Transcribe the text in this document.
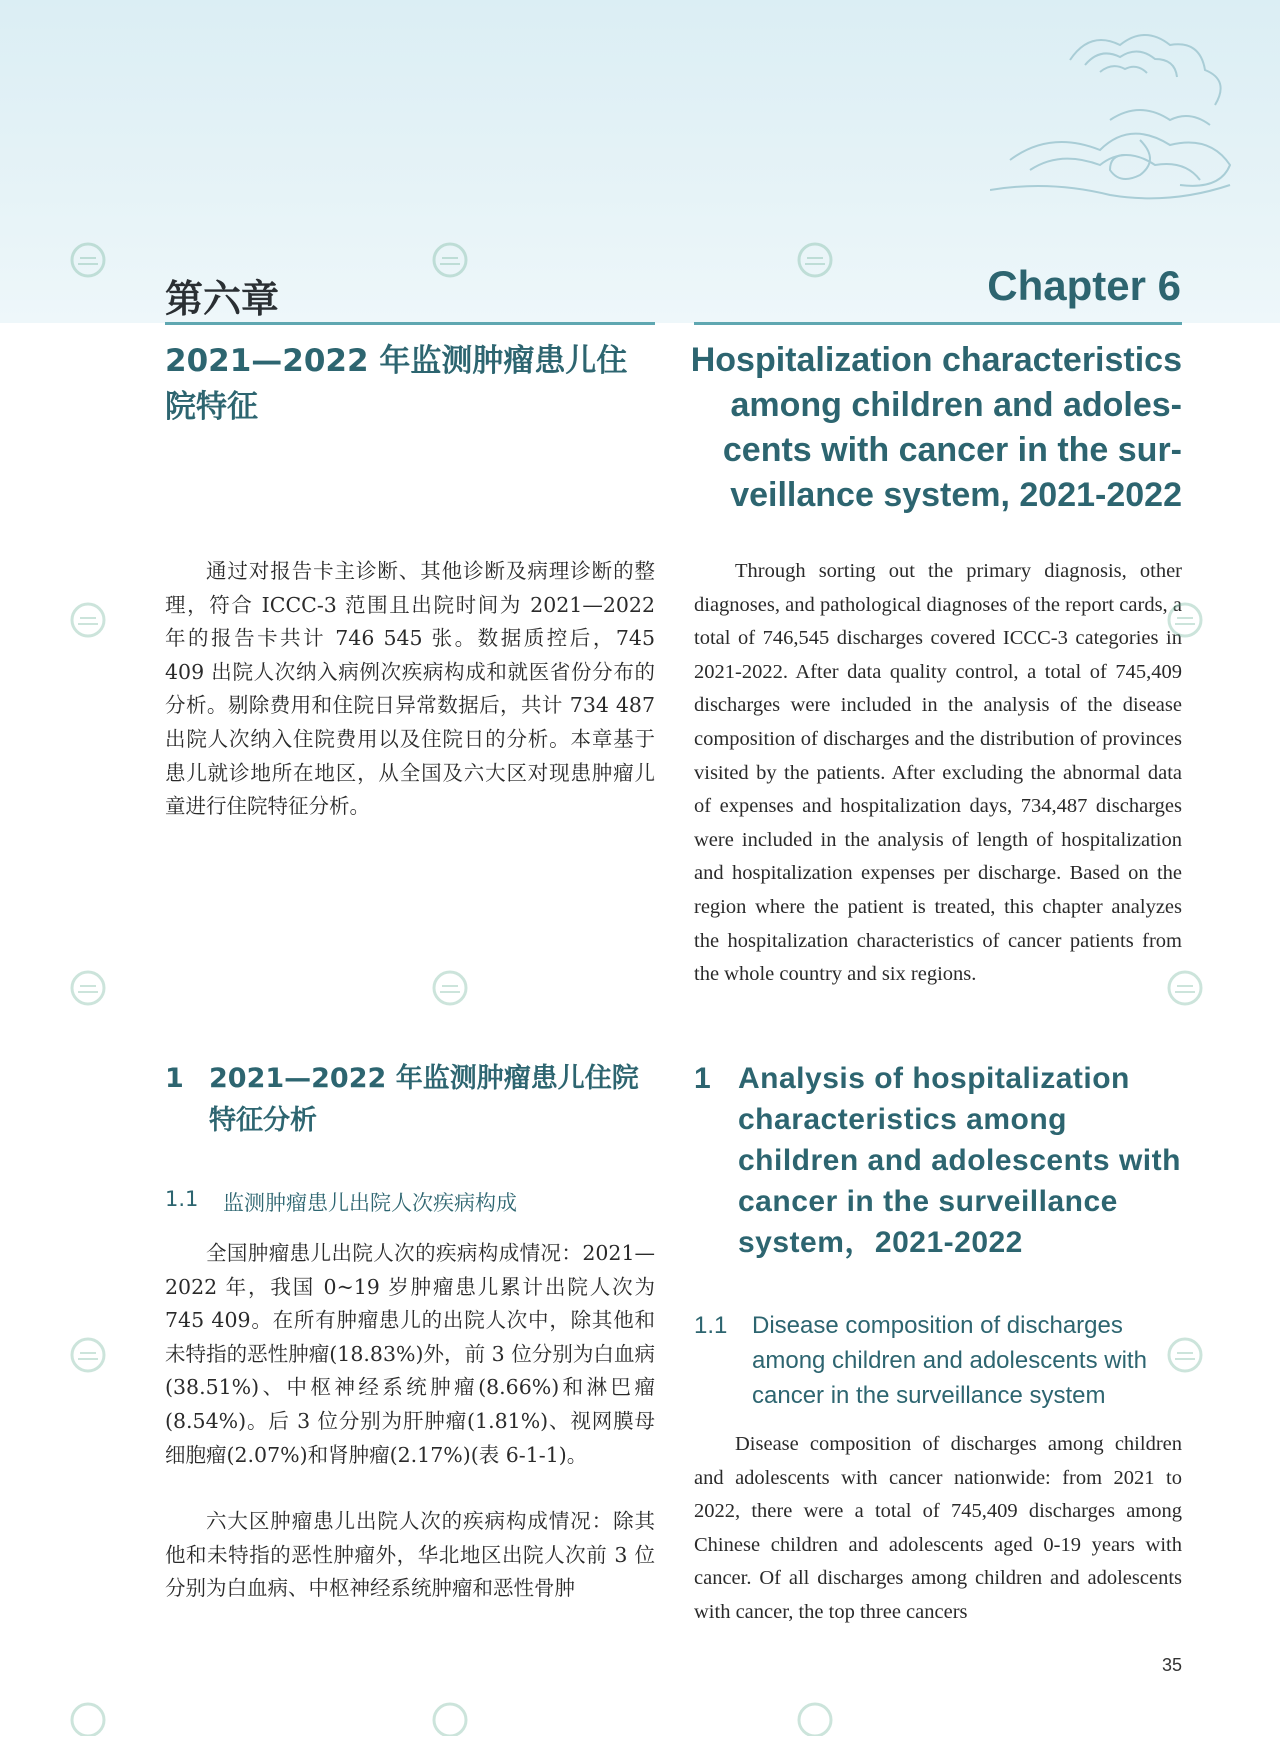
第六章	Chapter 6
2021—2022 年监测肿瘤患儿住院特征
Hospitalization characteristics among children and adoles-cents with cancer in the sur-veillance system, 2021-2022
通过对报告卡主诊断、其他诊断及病理诊断的整理，符合 ICCC-3 范围且出院时间为 2021—2022 年的报告卡共计 746 545 张。数据质控后，745 409 出院人次纳入病例次疾病构成和就医省份分布的分析。剔除费用和住院日异常数据后，共计 734 487 出院人次纳入住院费用以及住院日的分析。本章基于患儿就诊地所在地区，从全国及六大区对现患肿瘤儿童进行住院特征分析。
Through sorting out the primary diagnosis, other diagnoses, and pathological diagnoses of the report cards, a total of 746,545 discharges covered ICCC-3 categories in 2021-2022. After data quality control, a total of 745,409 discharges were included in the analysis of the disease composition of discharges and the distribution of provinces visited by the patients. After excluding the abnormal data of expenses and hospitalization days, 734,487 discharges were included in the analysis of length of hospitalization and hospitalization expenses per discharge. Based on the region where the patient is treated, this chapter analyzes the hospitalization characteristics of cancer patients from the whole country and six regions.
1 2021—2022 年监测肿瘤患儿住院特征分析
1 Analysis of hospitalization characteristics among children and adolescents with cancer in the surveillance system，2021-2022
1.1	监测肿瘤患儿出院人次疾病构成
1.1	Disease composition of discharges among children and adolescents with cancer in the surveillance system
全国肿瘤患儿出院人次的疾病构成情况：2021—2022 年，我国 0~19 岁肿瘤患儿累计出院人次为 745 409。在所有肿瘤患儿的出院人次中，除其他和未特指的恶性肿瘤(18.83%)外，前 3 位分别为白血病(38.51%)、中枢神经系统肿瘤(8.66%)和淋巴瘤(8.54%)。后 3 位分别为肝肿瘤(1.81%)、视网膜母细胞瘤(2.07%)和肾肿瘤(2.17%)(表 6-1-1)。
六大区肿瘤患儿出院人次的疾病构成情况：除其他和未特指的恶性肿瘤外，华北地区出院人次前 3 位分别为白血病、中枢神经系统肿瘤和恶性骨肿
Disease composition of discharges among children and adolescents with cancer nationwide: from 2021 to 2022, there were a total of 745,409 discharges among Chinese children and adolescents aged 0-19 years with cancer. Of all discharges among children and adolescents with cancer, the top three cancers
35
